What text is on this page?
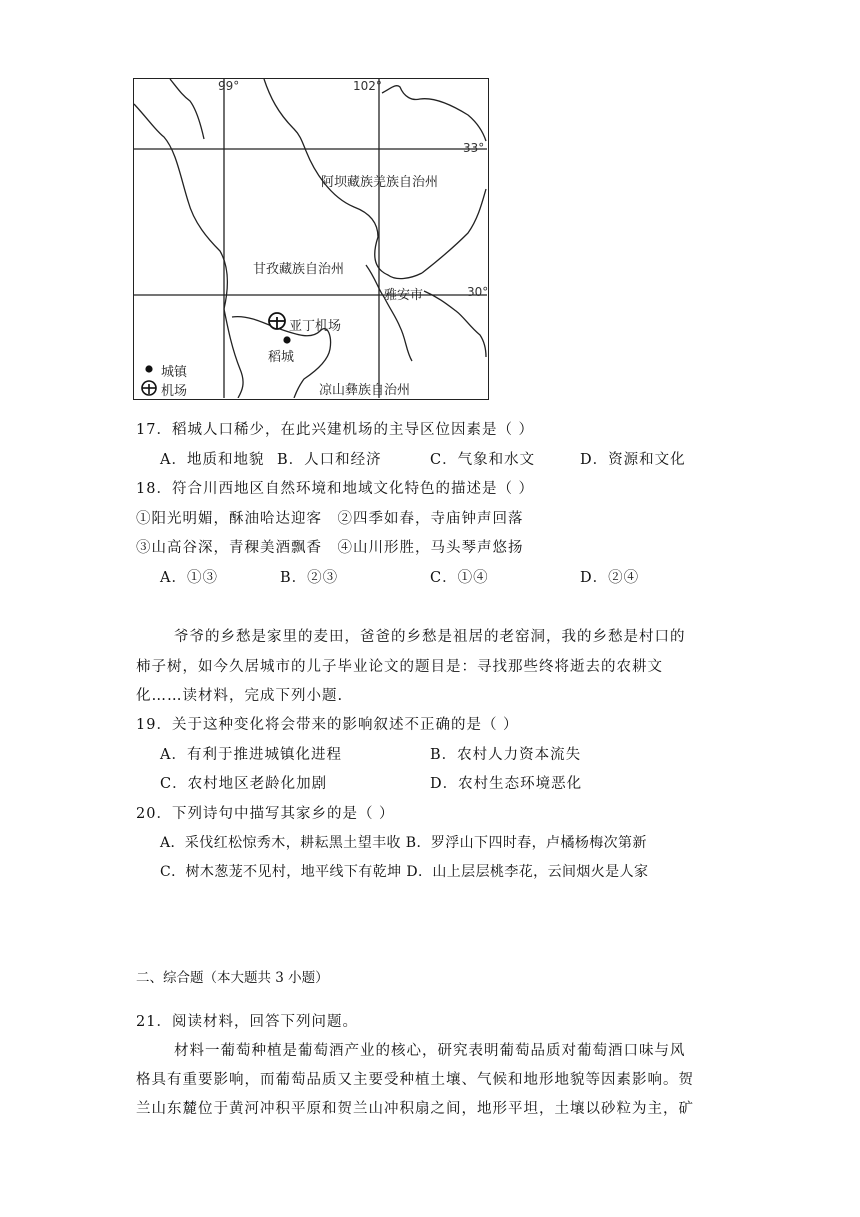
99°	102°
33°
30°
阿坝藏族羌族自治州
甘孜藏族自治州
雅安市
亚丁机场
稻城
凉山彝族自治州
城镇
机场
17．稻城人口稀少，在此兴建机场的主导区位因素是（ ）
A．地质和地貌 B．人口和经济	C．气象和水文	D．资源和文化
18．符合川西地区自然环境和地域文化特色的描述是（ ）
①阳光明媚，酥油哈达迎客　②四季如春，寺庙钟声回落
③山高谷深，青稞美酒飘香　④山川形胜，马头琴声悠扬
A．①③	B．②③	C．①④	D．②④
爷爷的乡愁是家里的麦田，爸爸的乡愁是祖居的老窑洞，我的乡愁是村口的
柿子树，如今久居城市的儿子毕业论文的题目是：寻找那些终将逝去的农耕文
化……读材料，完成下列小题.
19．关于这种变化将会带来的影响叙述不正确的是（ ）
A．有利于推进城镇化进程	B．农村人力资本流失
C．农村地区老龄化加剧	D．农村生态环境恶化
20．下列诗句中描写其家乡的是（ ）
A．采伐红松惊秀木，耕耘黑土望丰收 B．罗浮山下四时春，卢橘杨梅次第新
C．树木葱茏不见村，地平线下有乾坤 D．山上层层桃李花，云间烟火是人家
二、综合题（本大题共 3 小题）
21．阅读材料，回答下列问题。
材料一葡萄种植是葡萄酒产业的核心，研究表明葡萄品质对葡萄酒口味与风
格具有重要影响，而葡萄品质又主要受种植土壤、气候和地形地貌等因素影响。贺
兰山东麓位于黄河冲积平原和贺兰山冲积扇之间，地形平坦，土壤以砂粒为主，矿
